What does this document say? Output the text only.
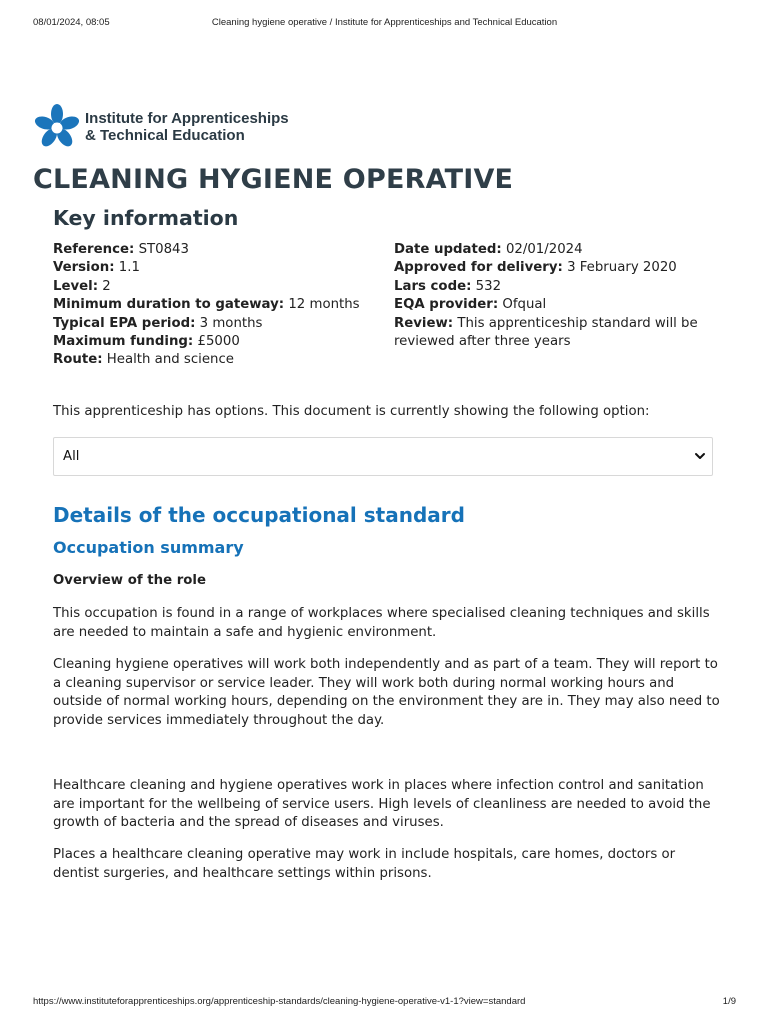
08/01/2024, 08:05	Cleaning hygiene operative / Institute for Apprenticeships and Technical Education
Institute for Apprenticeships
& Technical Education
CLEANING HYGIENE OPERATIVE
Key information
Reference: ST0843
Version: 1.1
Level: 2
Minimum duration to gateway: 12 months
Typical EPA period: 3 months
Maximum funding: £5000
Route: Health and science
Date updated: 02/01/2024
Approved for delivery: 3 February 2020
Lars code: 532
EQA provider: Ofqual
Review: This apprenticeship standard will be reviewed after three years
This apprenticeship has options. This document is currently showing the following option:
All
Details of the occupational standard
Occupation summary
Overview of the role

This occupation is found in a range of workplaces where specialised cleaning techniques and skills are needed to maintain a safe and hygienic environment.

Cleaning hygiene operatives will work both independently and as part of a team. They will report to a cleaning supervisor or service leader. They will work both during normal working hours and outside of normal working hours, depending on the environment they are in. They may also need to provide services immediately throughout the day.

Healthcare cleaning and hygiene operatives work in places where infection control and sanitation are important for the wellbeing of service users. High levels of cleanliness are needed to avoid the growth of bacteria and the spread of diseases and viruses.

Places a healthcare cleaning operative may work in include hospitals, care homes, doctors or dentist surgeries, and healthcare settings within prisons.

https://www.instituteforapprenticeships.org/apprenticeship-standards/cleaning-hygiene-operative-v1-1?view=standard	1/9
